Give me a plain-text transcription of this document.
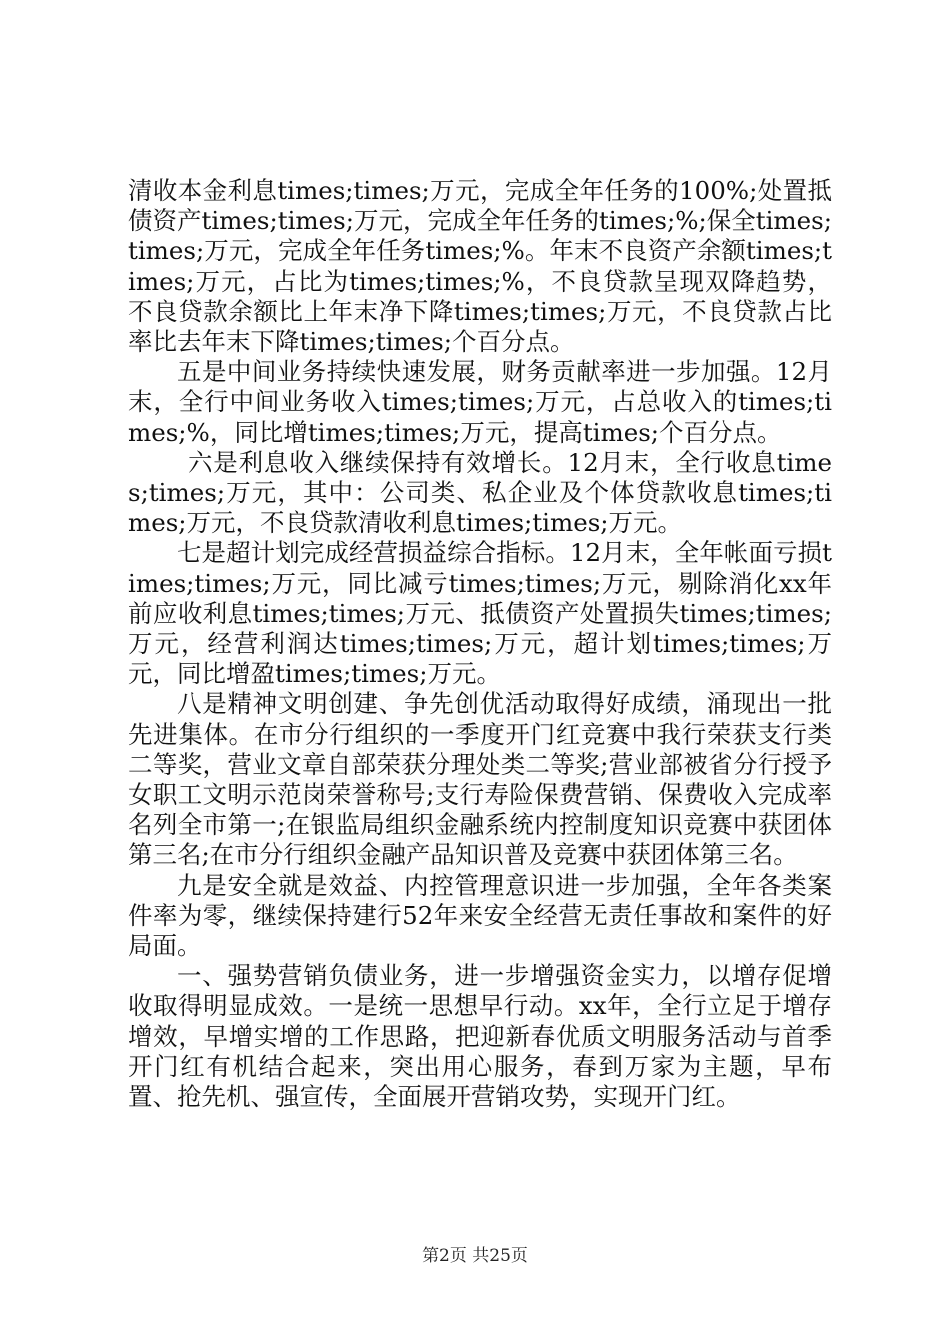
清收本金利息times;times;万元，完成全年任务的100%;处置抵债资产times;times;万元，完成全年任务的times;%;保全times;times;万元，完成全年任务times;%。年末不良资产余额times;times;万元，占比为times;times;%，不良贷款呈现双降趋势，不良贷款余额比上年末净下降times;times;万元，不良贷款占比率比去年末下降times;times;个百分点。

五是中间业务持续快速发展，财务贡献率进一步加强。12月末，全行中间业务收入times;times;万元，占总收入的times;times;%，同比增times;times;万元，提高times;个百分点。

六是利息收入继续保持有效增长。12月末，全行收息times;times;万元，其中：公司类、私企业及个体贷款收息times;times;万元，不良贷款清收利息times;times;万元。

七是超计划完成经营损益综合指标。12月末，全年帐面亏损times;times;万元，同比减亏times;times;万元，剔除消化xx年前应收利息times;times;万元、抵债资产处置损失times;times;万元，经营利润达times;times;万元，超计划times;times;万元，同比增盈times;times;万元。

八是精神文明创建、争先创优活动取得好成绩，涌现出一批先进集体。在市分行组织的一季度开门红竞赛中我行荣获支行类二等奖，营业文章自部荣获分理处类二等奖;营业部被省分行授予女职工文明示范岗荣誉称号;支行寿险保费营销、保费收入完成率名列全市第一;在银监局组织金融系统内控制度知识竞赛中获团体第三名;在市分行组织金融产品知识普及竞赛中获团体第三名。

九是安全就是效益、内控管理意识进一步加强，全年各类案件率为零，继续保持建行52年来安全经营无责任事故和案件的好局面。

一、强势营销负债业务，进一步增强资金实力，以增存促增收取得明显成效。一是统一思想早行动。xx年，全行立足于增存增效，早增实增的工作思路，把迎新春优质文明服务活动与首季开门红有机结合起来，突出用心服务，春到万家为主题，早布置、抢先机、强宣传，全面展开营销攻势，实现开门红。

第2页 共25页
